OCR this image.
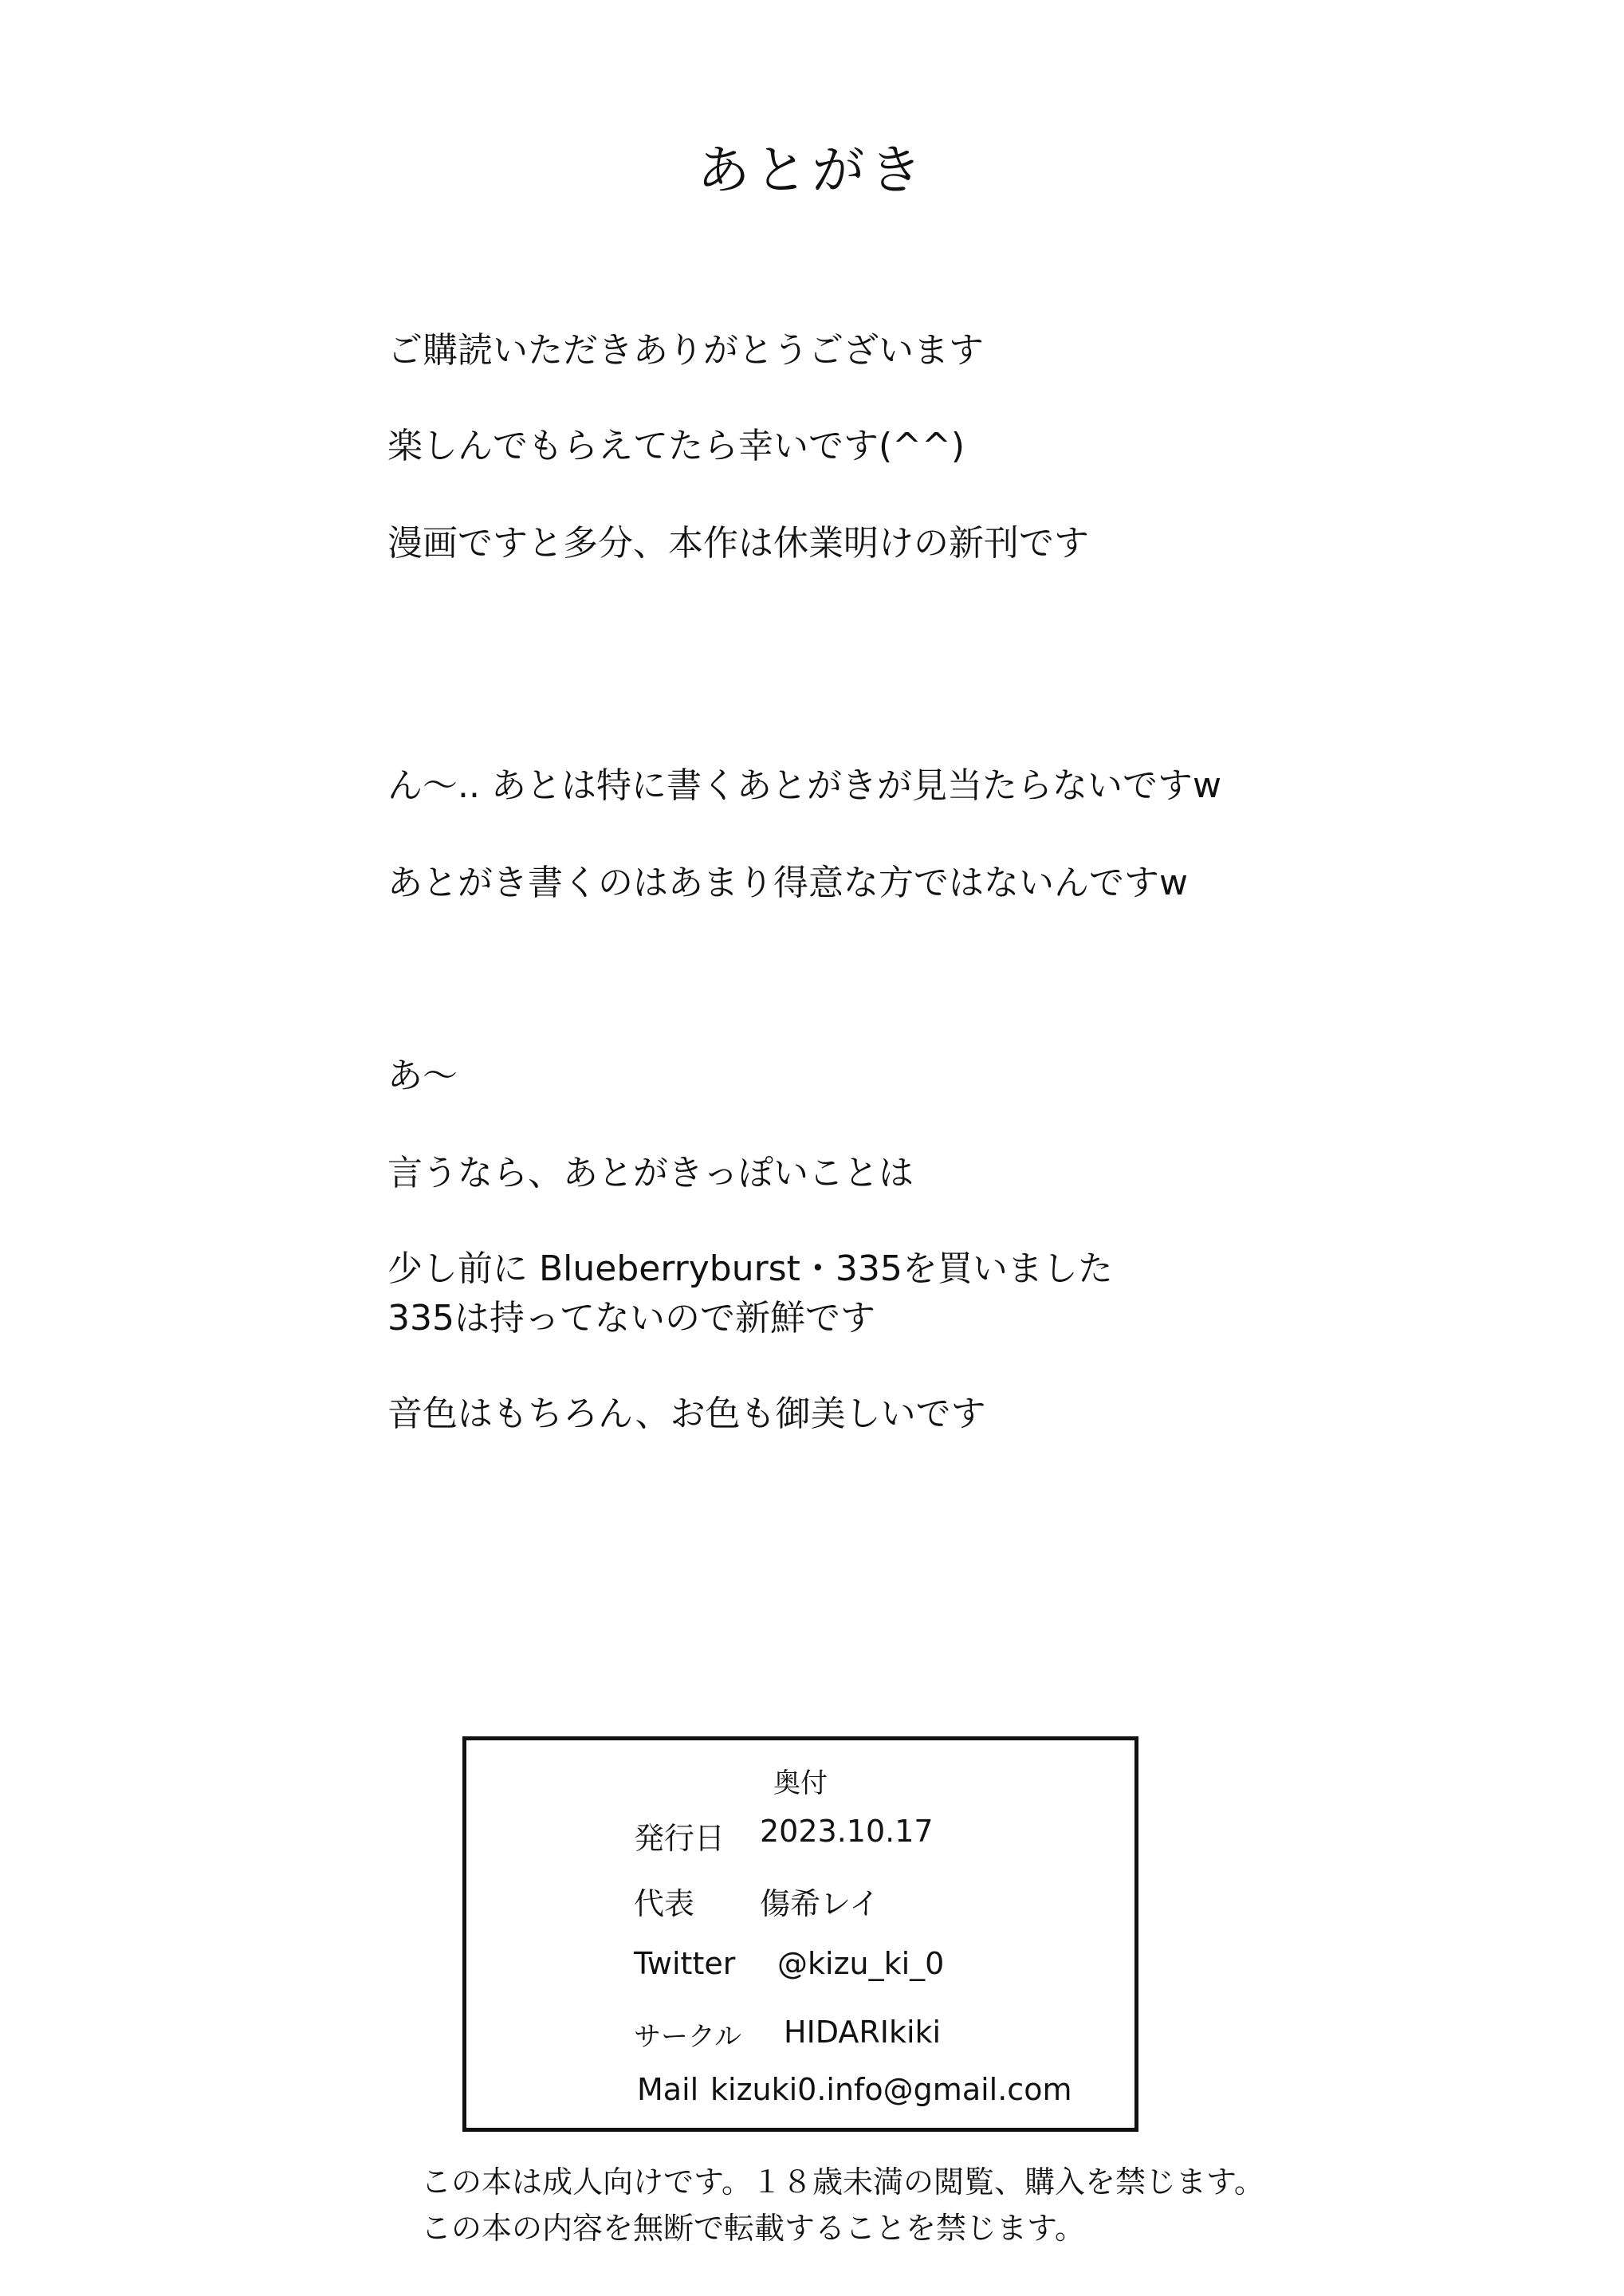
あとがき
ご購読いただきありがとうございます
楽しんでもらえてたら幸いです(^^)
漫画ですと多分、本作は休業明けの新刊です
ん～.. あとは特に書くあとがきが見当たらないですw
あとがき書くのはあまり得意な方ではないんですw
あ～
言うなら、あとがきっぽいことは
少し前に Blueberryburst・335を買いました
335は持ってないので新鮮です
音色はもちろん、お色も御美しいです
奥付
発行日 2023.10.17
代表 傷希レイ
Twitter @kizu_ki_0
サークル HIDARIkiki
Mail kizuki0.info@gmail.com
この本は成人向けです。１８歳未満の閲覧、購入を禁じます。
この本の内容を無断で転載することを禁じます。
